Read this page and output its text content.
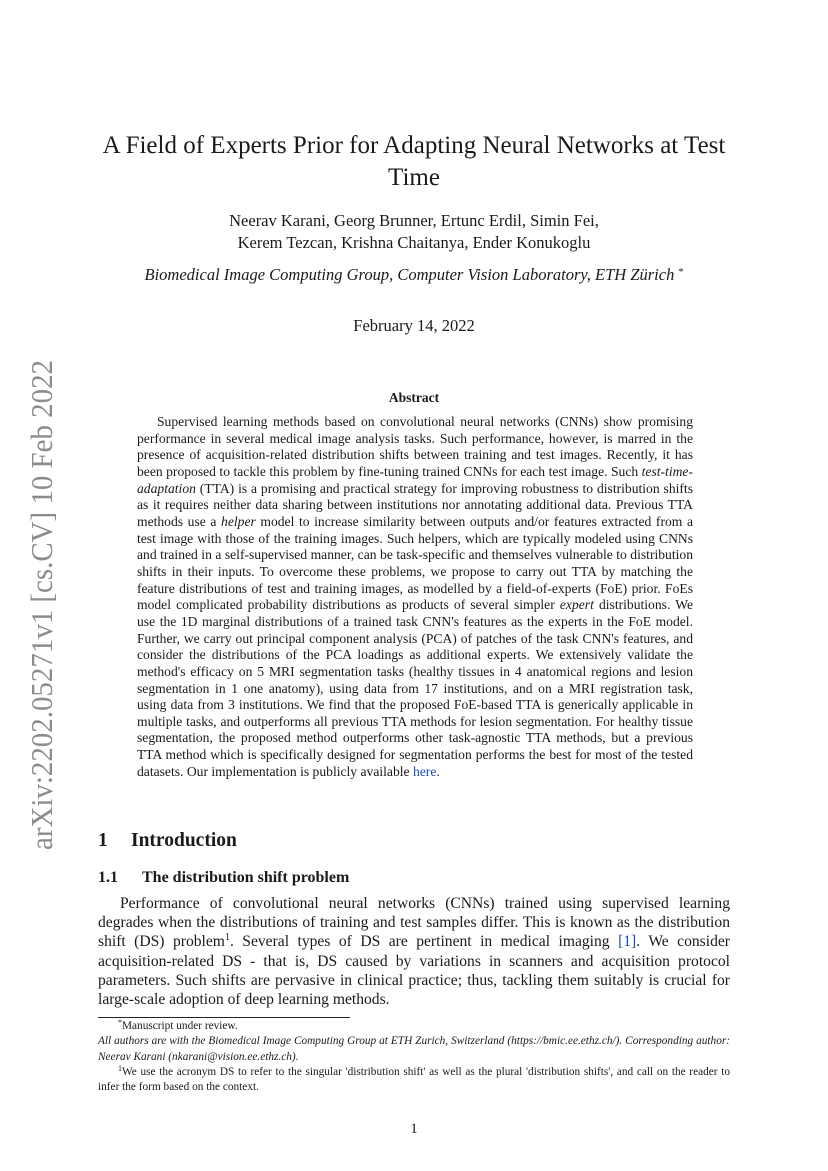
arXiv:2202.05271v1 [cs.CV] 10 Feb 2022
A Field of Experts Prior for Adapting Neural Networks at Test
Time
Neerav Karani, Georg Brunner, Ertunc Erdil, Simin Fei,
Kerem Tezcan, Krishna Chaitanya, Ender Konukoglu
Biomedical Image Computing Group, Computer Vision Laboratory, ETH Zürich *
February 14, 2022
Abstract

Supervised learning methods based on convolutional neural networks (CNNs) show promising performance in several medical image analysis tasks. Such performance, however, is marred in the presence of acquisition-related distribution shifts between training and test images. Recently, it has been proposed to tackle this problem by fine-tuning trained CNNs for each test image. Such test-time-adaptation (TTA) is a promising and practical strategy for improving robustness to distribution shifts as it requires neither data sharing between institutions nor annotating additional data. Previous TTA methods use a helper model to increase similarity between outputs and/or features extracted from a test image with those of the training images. Such helpers, which are typically modeled using CNNs and trained in a self-supervised manner, can be task-specific and themselves vulnerable to distribution shifts in their inputs. To overcome these problems, we propose to carry out TTA by matching the feature distributions of test and training images, as modelled by a field-of-experts (FoE) prior. FoEs model complicated probability distributions as products of several simpler expert distributions. We use the 1D marginal distributions of a trained task CNN's features as the experts in the FoE model. Further, we carry out principal component analysis (PCA) of patches of the task CNN's features, and consider the distributions of the PCA loadings as additional experts. We extensively validate the method's efficacy on 5 MRI segmentation tasks (healthy tissues in 4 anatomical regions and lesion segmentation in 1 one anatomy), using data from 17 institutions, and on a MRI registration task, using data from 3 institutions. We find that the proposed FoE-based TTA is generically applicable in multiple tasks, and outperforms all previous TTA methods for lesion segmentation. For healthy tissue segmentation, the proposed method outperforms other task-agnostic TTA methods, but a previous TTA method which is specifically designed for segmentation performs the best for most of the tested datasets. Our implementation is publicly available here.

1 Introduction
1.1 The distribution shift problem

Performance of convolutional neural networks (CNNs) trained using supervised learning degrades when the distributions of training and test samples differ. This is known as the distribution shift (DS) problem$^1$. Several types of DS are pertinent in medical imaging [1]. We consider acquisition-related DS - that is, DS caused by variations in scanners and acquisition protocol parameters. Such shifts are pervasive in clinical practice; thus, tackling them suitably is crucial for large-scale adoption of deep learning methods.

*Manuscript under review.

All authors are with the Biomedical Image Computing Group at ETH Zurich, Switzerland (https://bmic.ee.ethz.ch/). Corresponding author: Neerav Karani (nkarani@vision.ee.ethz.ch).

$^1$We use the acronym DS to refer to the singular 'distribution shift' as well as the plural 'distribution shifts', and call on the reader to infer the form based on the context.

1
